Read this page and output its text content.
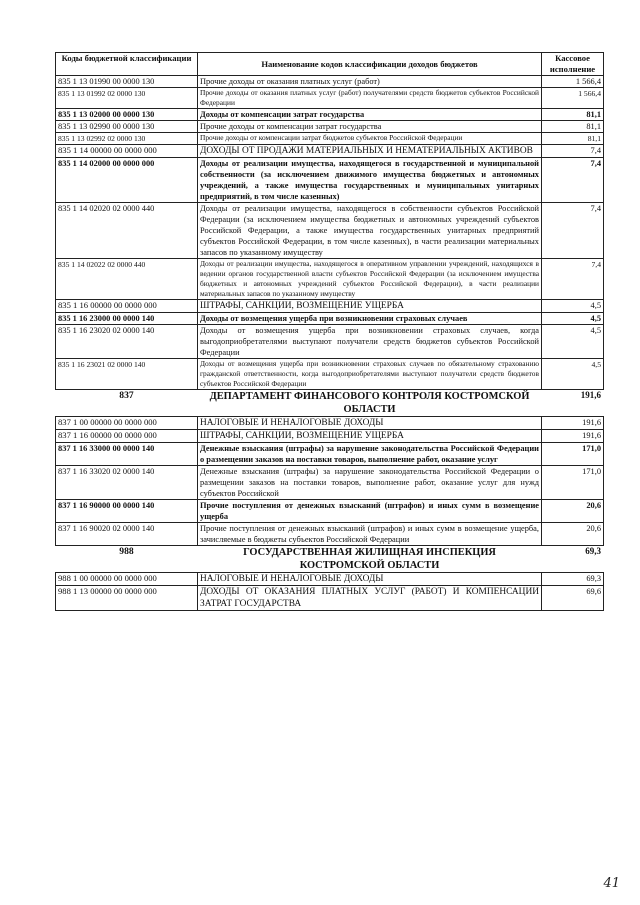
Коды бюджетной классификации	Наименование кодов классификации доходов бюджетов	Кассовое исполнение
835 1 13 01990 00 0000 130	Прочие доходы от оказания платных услуг (работ)	1 566,4
835 1 13 01992 02 0000 130	Прочие доходы от оказания платных услуг (работ) получателями средств бюджетов субъектов Российской Федерации	1 566,4
835 1 13 02000 00 0000 130	Доходы от компенсации затрат государства	81,1
835 1 13 02990 00 0000 130	Прочие доходы от компенсации затрат государства	81,1
835 1 13 02992 02 0000 130	Прочие доходы от компенсации затрат бюджетов субъектов Российской Федерации	81,1
835 1 14 00000 00 0000 000	ДОХОДЫ ОТ ПРОДАЖИ МАТЕРИАЛЬНЫХ И НЕМАТЕРИАЛЬНЫХ АКТИВОВ	7,4
835 1 14 02000 00 0000 000	Доходы от реализации имущества, находящегося в государственной и муниципальной собственности (за исключением движимого имущества бюджетных и автономных учреждений, а также имущества государственных и муниципальных унитарных предприятий, в том числе казенных)	7,4
835 1 14 02020 02 0000 440	Доходы от реализации имущества, находящегося в собственности субъектов Российской Федерации (за исключением имущества бюджетных и автономных учреждений субъектов Российской Федерации, а также имущества государственных унитарных предприятий субъектов Российской Федерации, в том числе казенных), в части реализации материальных запасов по указанному имуществу	7,4
835 1 14 02022 02 0000 440	Доходы от реализации имущества, находящегося в оперативном управлении учреждений, находящихся в ведении органов государственной власти субъектов Российской Федерации (за исключением имущества бюджетных и автономных учреждений субъектов Российской Федерации), в части реализации материальных запасов по указанному имуществу	7,4
835 1 16 00000 00 0000 000	ШТРАФЫ, САНКЦИИ, ВОЗМЕЩЕНИЕ УЩЕРБА	4,5
835 1 16 23000 00 0000 140	Доходы от возмещения ущерба при возникновении страховых случаев	4,5
835 1 16 23020 02 0000 140	Доходы от возмещения ущерба при возникновении страховых случаев, когда выгодоприобретателями выступают получатели средств бюджетов субъектов Российской Федерации	4,5
835 1 16 23021 02 0000 140	Доходы от возмещения ущерба при возникновении страховых случаев по обязательному страхованию гражданской ответственности, когда выгодоприобретателями выступают получатели средств бюджетов субъектов Российской Федерации	4,5
837	ДЕПАРТАМЕНТ ФИНАНСОВОГО КОНТРОЛЯ КОСТРОМСКОЙ ОБЛАСТИ	191,6
837 1 00 00000 00 0000 000	НАЛОГОВЫЕ И НЕНАЛОГОВЫЕ ДОХОДЫ	191,6
837 1 16 00000 00 0000 000	ШТРАФЫ, САНКЦИИ, ВОЗМЕЩЕНИЕ УЩЕРБА	191,6
837 1 16 33000 00 0000 140	Денежные взыскания (штрафы) за нарушение законодательства Российской Федерации о размещении заказов на поставки товаров, выполнение работ, оказание услуг	171,0
837 1 16 33020 02 0000 140	Денежные взыскания (штрафы) за нарушение законодательства Российской Федерации о размещении заказов на поставки товаров, выполнение работ, оказание услуг для нужд субъектов Российской	171,0
837 1 16 90000 00 0000 140	Прочие поступления от денежных взысканий (штрафов) и иных сумм в возмещение ущерба	20,6
837 1 16 90020 02 0000 140	Прочие поступления от денежных взысканий (штрафов) и иных сумм в возмещение ущерба, зачисляемые в бюджеты субъектов Российской Федерации	20,6
988	ГОСУДАРСТВЕННАЯ ЖИЛИЩНАЯ ИНСПЕКЦИЯ КОСТРОМСКОЙ ОБЛАСТИ	69,3
988 1 00 00000 00 0000 000	НАЛОГОВЫЕ И НЕНАЛОГОВЫЕ ДОХОДЫ	69,3
988 1 13 00000 00 0000 000	ДОХОДЫ ОТ ОКАЗАНИЯ ПЛАТНЫХ УСЛУГ (РАБОТ) И КОМПЕНСАЦИИ ЗАТРАТ ГОСУДАРСТВА	69,6
41
